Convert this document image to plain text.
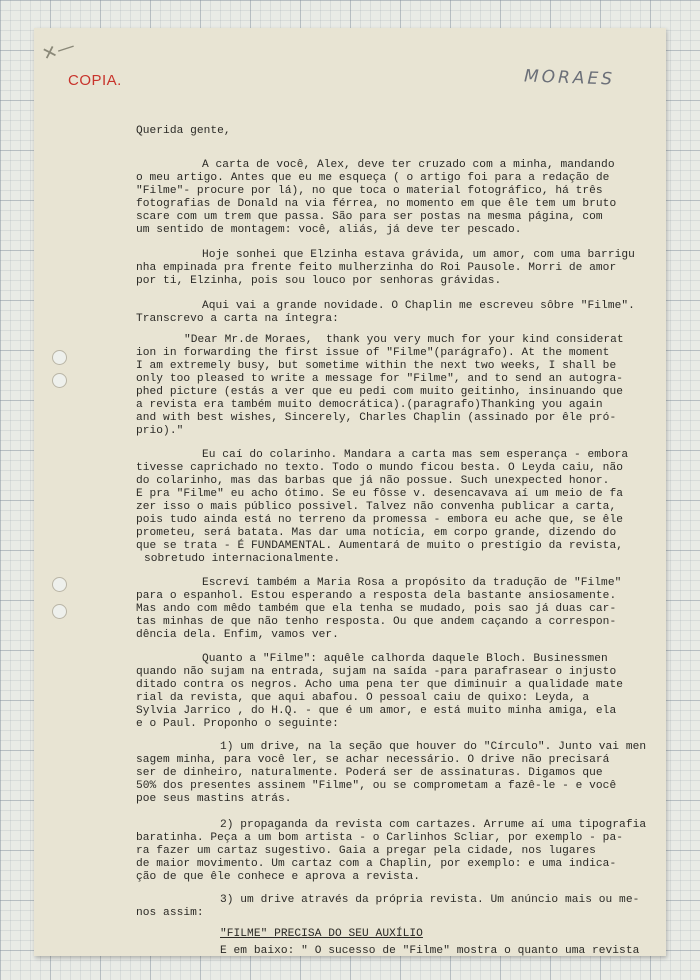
✕—
COPIA.	MORAES
Querida gente,
A carta de você, Alex, deve ter cruzado com a minha, mandando
o meu artigo. Antes que eu me esqueça ( o artigo foi para a redação de
"Filme"- procure por lá), no que toca o material fotográfico, há três
fotografias de Donald na via férrea, no momento em que êle tem um bruto
scare com um trem que passa. São para ser postas na mesma página, com
um sentido de montagem: você, aliás, já deve ter pescado.
Hoje sonhei que Elzinha estava grávida, um amor, com uma barrigu
nha empinada pra frente feito mulherzinha do Roi Pausole. Morri de amor
por ti, Elzinha, pois sou louco por senhoras grávidas.
Aqui vai a grande novidade. O Chaplin me escreveu sôbre "Filme".
Transcrevo a carta na íntegra:
"Dear Mr.de Moraes,  thank you very much for your kind considerat
ion in forwarding the first issue of "Filme"(parágrafo). At the moment
I am extremely busy, but sometime within the next two weeks, I shall be
only too pleased to write a message for "Filme", and to send an autogra-
phed picture (estás a ver que eu pedi com muito geitinho, insinuando que
a revista era também muito democrática).(paragrafo)Thanking you again
and with best wishes, Sincerely, Charles Chaplin (assinado por êle pró-
prio)."
Eu caí do colarinho. Mandara a carta mas sem esperança - embora
tivesse caprichado no texto. Todo o mundo ficou besta. O Leyda caiu, não
do colarinho, mas das barbas que já não possue. Such unexpected honor.
E pra "Filme" eu acho ótimo. Se eu fôsse v. desencavava aí um meio de fa
zer isso o mais público possivel. Talvez não convenha publicar a carta,
pois tudo ainda está no terreno da promessa - embora eu ache que, se êle
prometeu, será batata. Mas dar uma notícia, em corpo grande, dizendo do
que se trata - É FUNDAMENTAL. Aumentará de muito o prestígio da revista,
sobretudo internacionalmente.
Escreví também a Maria Rosa a propósito da tradução de "Filme"
para o espanhol. Estou esperando a resposta dela bastante ansiosamente.
Mas ando com mêdo também que ela tenha se mudado, pois sao já duas car-
tas minhas de que não tenho resposta. Ou que andem caçando a correspon-
dência dela. Enfim, vamos ver.
Quanto a "Filme": aquêle calhorda daquele Bloch. Businessmen
quando não sujam na entrada, sujam na saída -para parafrasear o injusto
ditado contra os negros. Acho uma pena ter que diminuir a qualidade mate
rial da revista, que aqui abafou. O pessoal caiu de quixo: Leyda, a
Sylvia Jarrico , do H.Q. - que é um amor, e está muito minha amiga, ela
e o Paul. Proponho o seguinte:
1) um drive, na la seção que houver do "Círculo". Junto vai men
sagem minha, para você ler, se achar necessário. O drive não precisará
ser de dinheiro, naturalmente. Poderá ser de assinaturas. Digamos que
50% dos presentes assinem "Filme", ou se comprometam a fazê-le - e você
poe seus mastins atrás.
2) propaganda da revista com cartazes. Arrume aí uma tipografia
baratinha. Peça a um bom artista - o Carlinhos Scliar, por exemplo - pa-
ra fazer um cartaz sugestivo. Gaia a pregar pela cidade, nos lugares
de maior movimento. Um cartaz com a Chaplin, por exemplo: e uma indica-
ção de que êle conhece e aprova a revista.
3) um drive através da própria revista. Um anúncio mais ou me-
nos assim:
"FILME" PRECISA DO SEU AUXÍLIO
E em baixo: " O sucesso de "Filme" mostra o quanto uma revista
